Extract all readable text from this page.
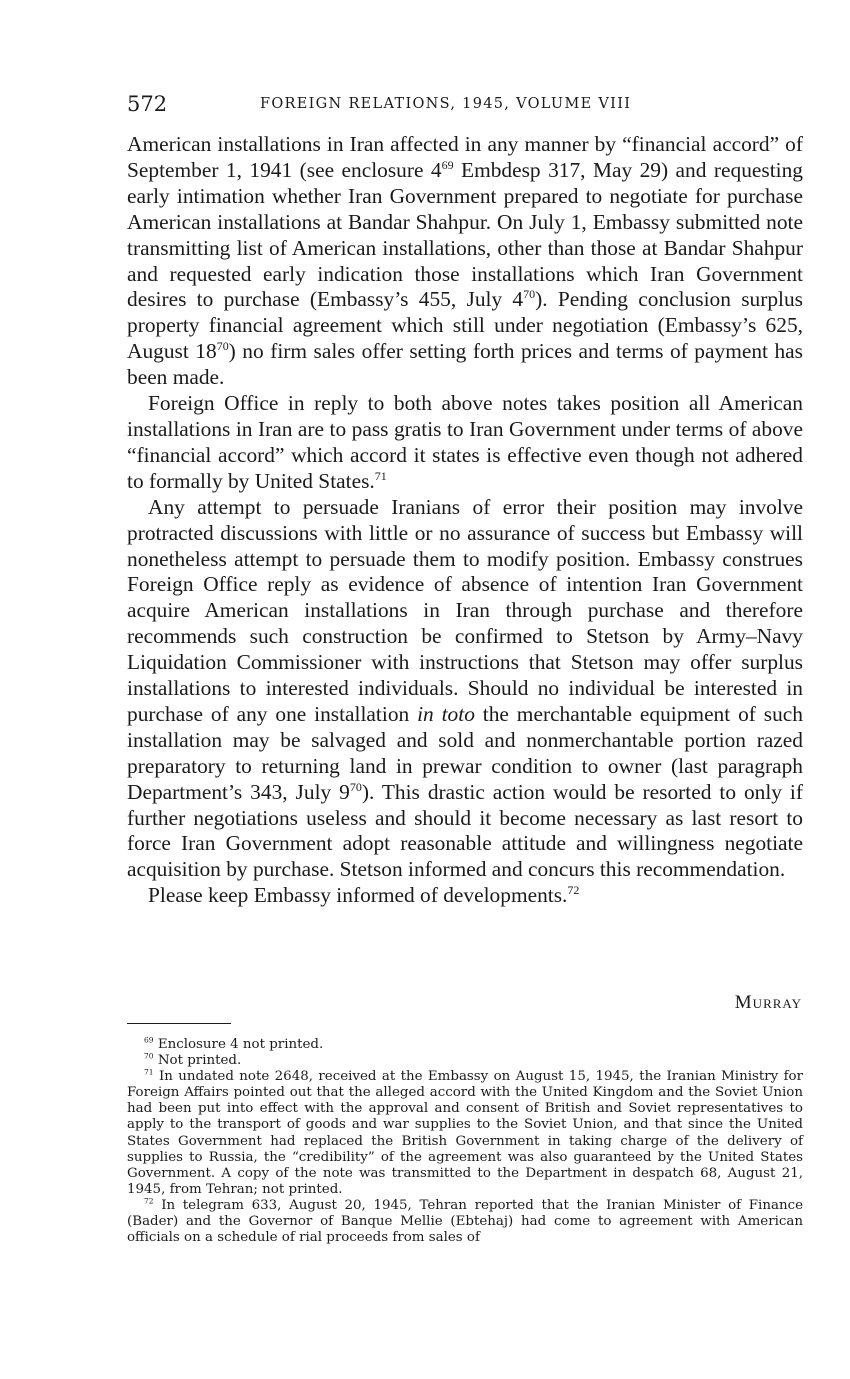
572	FOREIGN RELATIONS, 1945, VOLUME VIII

American installations in Iran affected in any manner by “financial accord” of September 1, 1941 (see enclosure $4^{69}$ Embdesp 317, May 29) and requesting early intimation whether Iran Government prepared to negotiate for purchase American installations at Bandar Shahpur. On July 1, Embassy submitted note transmitting list of American installations, other than those at Bandar Shahpur and requested early indication those installations which Iran Government desires to purchase (Embassy’s 455, July $4^{70}$). Pending conclusion surplus property financial agreement which still under negotiation (Embassy’s 625, August $18^{70}$) no firm sales offer setting forth prices and terms of payment has been made.

Foreign Office in reply to both above notes takes position all American installations in Iran are to pass gratis to Iran Government under terms of above “financial accord” which accord it states is effective even though not adhered to formally by United States.$^{71}$

Any attempt to persuade Iranians of error their position may involve protracted discussions with little or no assurance of success but Embassy will nonetheless attempt to persuade them to modify position. Embassy construes Foreign Office reply as evidence of absence of intention Iran Government acquire American installations in Iran through purchase and therefore recommends such construction be confirmed to Stetson by Army–Navy Liquidation Commissioner with instructions that Stetson may offer surplus installations to interested individuals. Should no individual be interested in purchase of any one installation in toto the merchantable equipment of such installation may be salvaged and sold and nonmerchantable portion razed preparatory to returning land in prewar condition to owner (last paragraph Department’s 343, July $9^{70}$). This drastic action would be resorted to only if further negotiations useless and should it become necessary as last resort to force Iran Government adopt reasonable attitude and willingness negotiate acquisition by purchase. Stetson informed and concurs this recommendation.

Please keep Embassy informed of developments.$^{72}$

Murray

$^{69}$ Enclosure 4 not printed.

$^{70}$ Not printed.

$^{71}$ In undated note 2648, received at the Embassy on August 15, 1945, the Iranian Ministry for Foreign Affairs pointed out that the alleged accord with the United Kingdom and the Soviet Union had been put into effect with the approval and consent of British and Soviet representatives to apply to the transport of goods and war supplies to the Soviet Union, and that since the United States Government had replaced the British Government in taking charge of the delivery of supplies to Russia, the “credibility” of the agreement was also guaranteed by the United States Government. A copy of the note was transmitted to the Department in despatch 68, August 21, 1945, from Tehran; not printed.

$^{72}$ In telegram 633, August 20, 1945, Tehran reported that the Iranian Minister of Finance (Bader) and the Governor of Banque Mellie (Ebtehaj) had come to agreement with American officials on a schedule of rial proceeds from sales of
